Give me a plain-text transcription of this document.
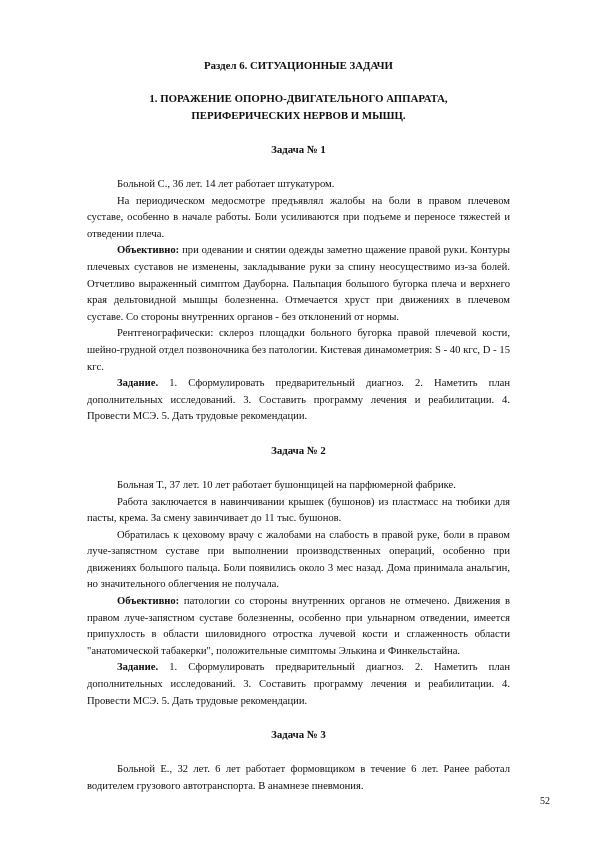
Раздел 6. СИТУАЦИОННЫЕ ЗАДАЧИ
1. ПОРАЖЕНИЕ ОПОРНО-ДВИГАТЕЛЬНОГО АППАРАТА,
ПЕРИФЕРИЧЕСКИХ НЕРВОВ И МЫШЦ.
Задача № 1

Больной С., 36 лет. 14 лет работает штукатуром.

На периодическом медосмотре предъявлял жалобы на боли в правом плечевом суставе, особенно в начале работы. Боли усиливаются при подъеме и переносе тяжестей и отведении плеча.

Объективно: при одевании и снятии одежды заметно щажение правой руки. Контуры плечевых суставов не изменены, закладывание руки за спину неосуществимо из-за болей. Отчетливо выраженный симптом Дауборна. Пальпация большого бугорка плеча и верхнего края дельтовидной мышцы болезненна. Отмечается хруст при движениях в плечевом суставе. Со стороны внутренних органов - без отклонений от нормы.

Рентгенографически: склероз площадки больного бугорка правой плечевой кости, шейно-грудной отдел позвоночника без патологии. Кистевая динамометрия: S - 40 кгс, D - 15 кгс.

Задание. 1. Сформулировать предварительный диагноз. 2. Наметить план дополнительных исследований. 3. Составить программу лечения и реабилитации. 4. Провести МСЭ. 5. Дать трудовые рекомендации.

Задача № 2

Больная Т., 37 лет. 10 лет работает бушонщицей на парфюмерной фабрике.

Работа заключается в навинчивании крышек (бушонов) из пластмасс на тюбики для пасты, крема. За смену завинчивает до 11 тыс. бушонов.

Обратилась к цеховому врачу с жалобами на слабость в правой руке, боли в правом луче-запястном суставе при выполнении производственных операций, особенно при движениях большого пальца. Боли появились около 3 мес назад. Дома принимала анальгин, но значительного облегчения не получала.

Объективно: патологии со стороны внутренних органов не отмечено. Движения в правом луче-запястном суставе болезненны, особенно при ульнарном отведении, имеется припухлость в области шиловидного отростка лучевой кости и сглаженность области "анатомической табакерки", положительные симптомы Элькина и Финкельстайна.

Задание. 1. Сформулировать предварительный диагноз. 2. Наметить план дополнительных исследований. 3. Составить программу лечения и реабилитации. 4. Провести МСЭ. 5. Дать трудовые рекомендации.

Задача № 3

Больной Е., 32 лет. 6 лет работает формовщиком в течение 6 лет. Ранее работал водителем грузового автотранспорта. В анамнезе пневмония.

52
